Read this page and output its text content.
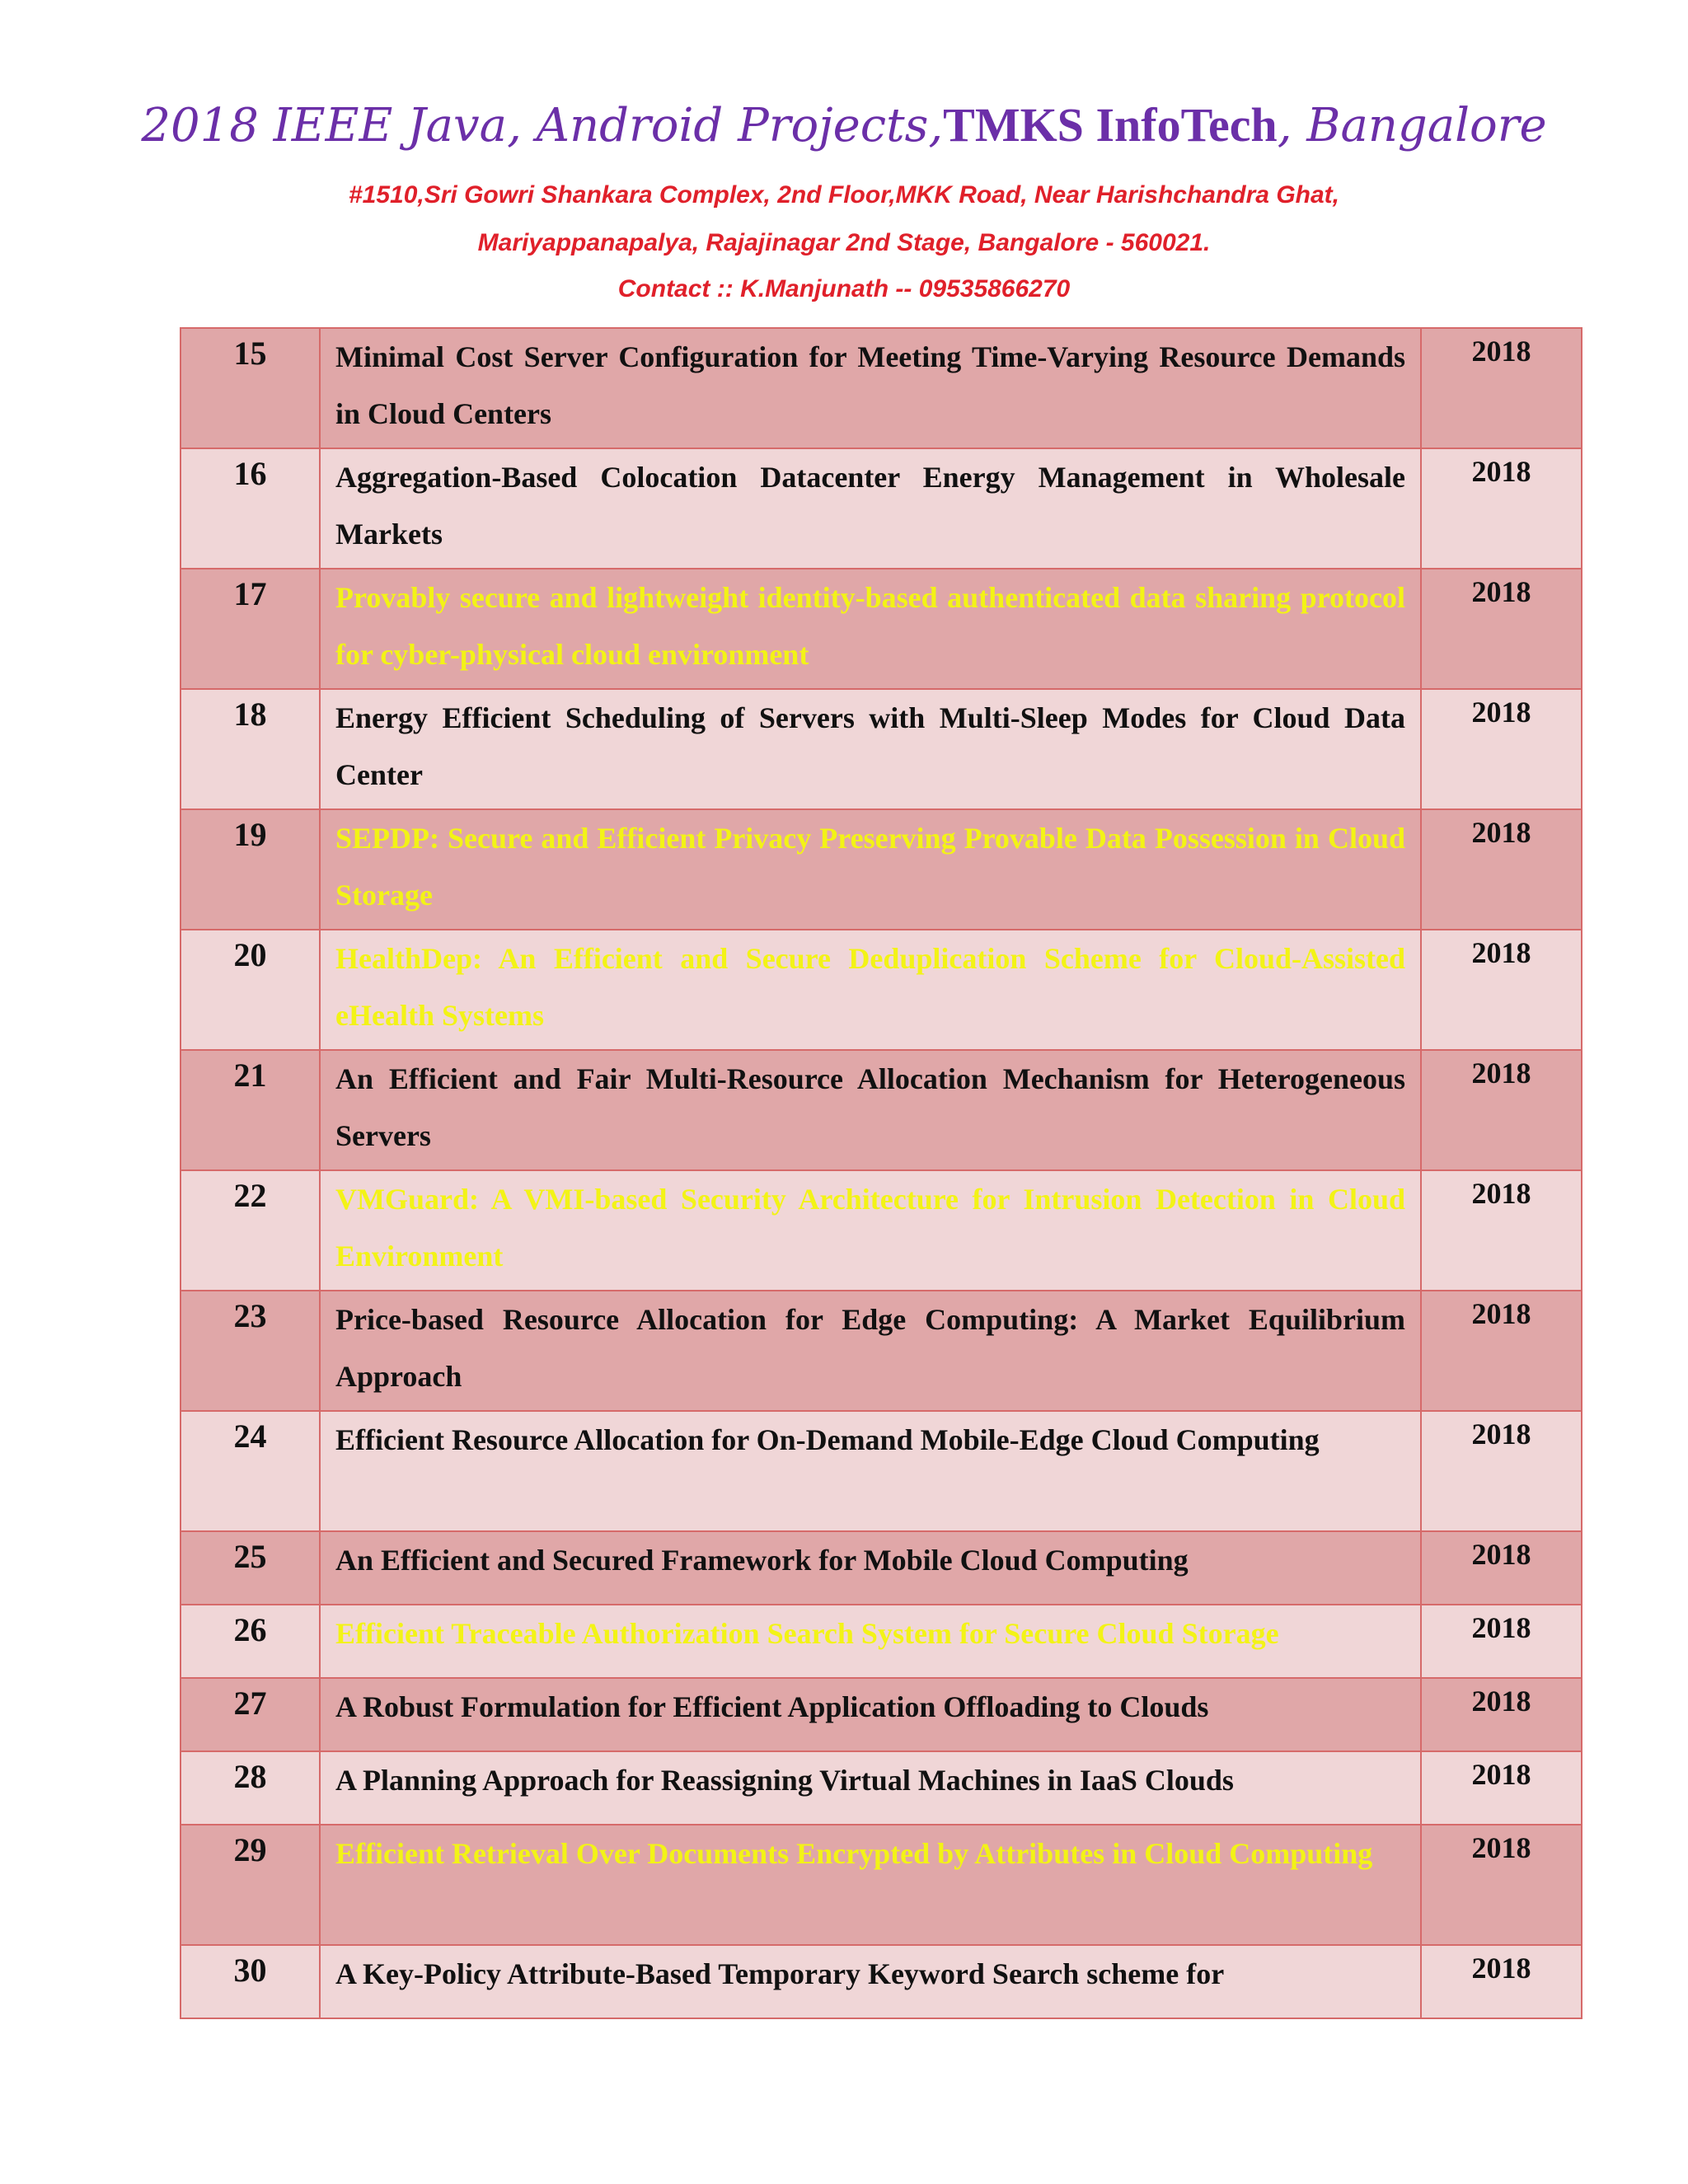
2018 IEEE Java, Android Projects,TMKS InfoTech, Bangalore
#1510,Sri Gowri Shankara Complex, 2nd Floor,MKK Road, Near Harishchandra Ghat,
Mariyappanapalya, Rajajinagar 2nd Stage, Bangalore - 560021.
Contact :: K.Manjunath -- 09535866270
15	Minimal Cost Server Configuration for Meeting Time-Varying Resource Demands in Cloud Centers	2018
16	Aggregation-Based Colocation Datacenter Energy Management in Wholesale Markets	2018
17	Provably secure and lightweight identity-based authenticated data sharing protocol for cyber-physical cloud environment	2018
18	Energy Efficient Scheduling of Servers with Multi-Sleep Modes for Cloud Data Center	2018
19	SEPDP: Secure and Efficient Privacy Preserving Provable Data Possession in Cloud Storage	2018
20	HealthDep: An Efficient and Secure Deduplication Scheme for Cloud-Assisted eHealth Systems	2018
21	An Efficient and Fair Multi-Resource Allocation Mechanism for Heterogeneous Servers	2018
22	VMGuard: A VMI-based Security Architecture for Intrusion Detection in Cloud Environment	2018
23	Price-based Resource Allocation for Edge Computing: A Market Equilibrium Approach	2018
24	Efficient Resource Allocation for On-Demand Mobile-Edge Cloud Computing	2018
25	An Efficient and Secured Framework for Mobile Cloud Computing	2018
26	Efficient Traceable Authorization Search System for Secure Cloud Storage	2018
27	A Robust Formulation for Efficient Application Offloading to Clouds	2018
28	A Planning Approach for Reassigning Virtual Machines in IaaS Clouds	2018
29	Efficient Retrieval Over Documents Encrypted by Attributes in Cloud Computing	2018
30	A Key-Policy Attribute-Based Temporary Keyword Search scheme for	2018
